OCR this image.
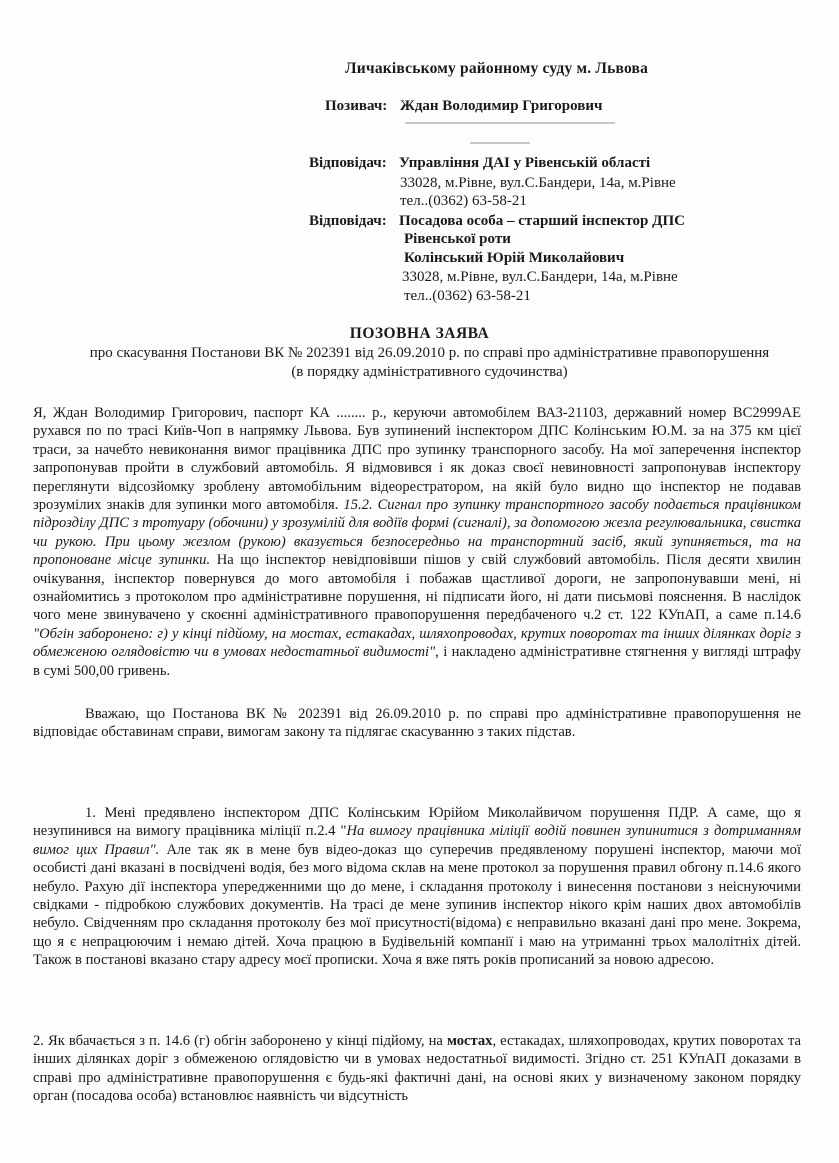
Личаківському районному суду м. Львова
Позивач: Ждан Володимир Григорович
Відповідач: Управління ДАІ у Рівенській області
33028, м.Рівне, вул.С.Бандери, 14а, м.Рівне
тел..(0362) 63-58-21
Відповідач: Посадова особа – старший інспектор ДПС
Рівенської роти
Колінський Юрій Миколайович
33028, м.Рівне, вул.С.Бандери, 14а, м.Рівне
тел..(0362) 63-58-21
ПОЗОВНА ЗАЯВА
про скасування Постанови ВК № 202391 від 26.09.2010 р. по справі про адміністративне правопорушення
(в порядку адміністративного судочинства)

Я, Ждан Володимир Григорович, паспорт КА ........ р., керуючи автомобілем ВАЗ-21103, державний номер ВС2999АЕ рухався по по трасі Київ-Чоп в напрямку Львова. Був зупинений інспектором ДПС Колінським Ю.М. за на 375 км цієї траси, за начебто невиконання вимог працівника ДПС про зупинку транспорного засобу. На мої заперечення інспектор запропонував пройти в службовий автомобіль. Я відмовився і як доказ своєї невиновності запропонував інспектору переглянути відсозйомку зроблену автомобільним відеорестратором, на якій було видно що інспектор не подавав зрозумілих знаків для зупинки мого автомобіля. 15.2. Сигнал про зупинку транспортного засобу подається працівником підрозділу ДПС з тротуару (обочини) у зрозумілій для водіїв формі (сигналі), за допомогою жезла регулювальника, свистка чи рукою. При цьому жезлом (рукою) вказується безпосередньо на транспортний засіб, який зупиняється, та на пропоноване місце зупинки. На що інспектор невідповівши пішов у свій службовий автомобіль. Після десяти хвилин очікування, інспектор повернувся до мого автомобіля і побажав щастливої дороги, не запропонувавши мені, ні ознайомитись з протоколом про адміністративне порушення, ні підписати його, ні дати письмові пояснення. В наслідок чого мене звинувачено у скоєнні адміністративного правопорушення передбаченого ч.2 ст. 122 КУпАП, а саме п.14.6 "Обгін заборонено: г) у кінці підйому, на мостах, естакадах, шляхопроводах, крутих поворотах та інших ділянках доріг з обмеженою оглядовістю чи в умовах недостатньої видимості", і накладено адміністративне стягнення у вигляді штрафу в сумі 500,00 гривень.

Вважаю, що Постанова ВК № 202391 від 26.09.2010 р. по справі про адміністративне правопорушення не відповідає обставинам справи, вимогам закону та підлягає скасуванню з таких підстав.

1. Мені предявлено інспектором ДПС Колінським Юрійом Миколайвичом порушення ПДР. А саме, що я незупинився на вимогу працівника міліції п.2.4 "На вимогу працівника міліції водій повинен зупинитися з дотриманням вимог цих Правил". Але так як в мене був відео-доказ що суперечив предявленому порушені інспектор, маючи мої особисті дані вказані в посвідчені водія, без мого відома склав на мене протокол за порушення правил обгону п.14.6 якого небуло. Рахую дії інспектора упередженними що до мене, і складання протоколу і винесення постанови з неіснуючими свідками - підробкою службових документів. На трасі де мене зупинив інспектор нікого крім наших двох автомобілів небуло. Свідченням про складання протоколу без мої присутності(відома) є неправильно вказані дані про мене. Зокрема, що я є непрацюючим і немаю дітей. Хоча працюю в Будівельній компанії і маю на утриманні трьох малолітніх дітей. Також в постанові вказано стару адресу моєї прописки. Хоча я вже пять років прописаний за новою адресою.

2. Як вбачається з п. 14.6 (г) обгін заборонено у кінці підйому, на мостах, естакадах, шляхопроводах, крутих поворотах та інших ділянках доріг з обмеженою оглядовістю чи в умовах недостатньої видимості. Згідно ст. 251 КУпАП доказами в справі про адміністративне правопорушення є будь-які фактичні дані, на основі яких у визначеному законом порядку орган (посадова особа) встановлює наявність чи відсутність
